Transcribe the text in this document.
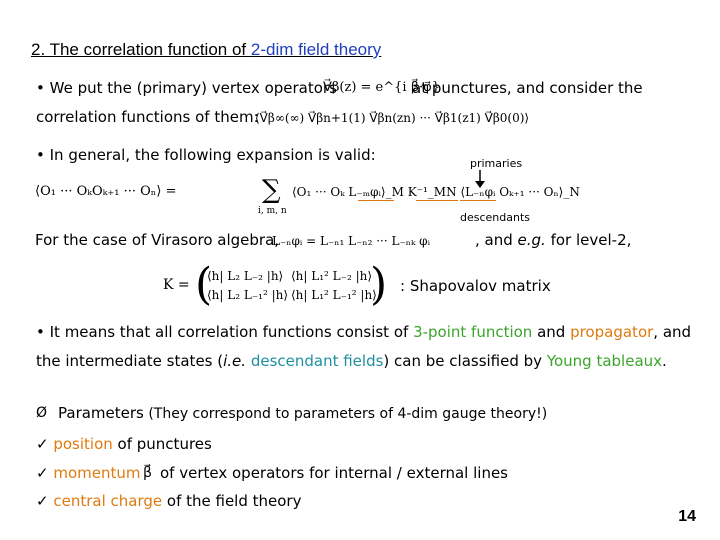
2. The correlation function of 2-dim field theory
• We put the (primary) vertex operators
V⃗β(z) = e^{i β⃗·φ⃗}
at punctures, and consider the
correlation functions of them:
⟨V⃗β∞(∞) V⃗βn+1(1) V⃗βn(zn) ··· V⃗β1(z1) V⃗β0(0)⟩
• In general, the following expansion is valid:	primaries
⟨O₁ ··· OₖOₖ₊₁ ··· Oₙ⟩ =	∑
i, m, n
⟨O₁ ··· Oₖ L₋ₘφᵢ⟩_M K⁻¹_MN ⟨L₋ₙφᵢ Oₖ₊₁ ··· Oₙ⟩_N
descendants
For the case of Virasoro algebra,
L₋ₙφᵢ = L₋ₙ₁ L₋ₙ₂ ··· L₋ₙₖ φᵢ	, and e.g. for level-2,
K = (
⟨h| L₂ L₋₂ |h⟩ ⟨h| L₁² L₋₂ |h⟩
⟨h| L₂ L₋₁² |h⟩ ⟨h| L₁² L₋₁² |h⟩
) : Shapovalov matrix
• It means that all correlation functions consist of 3-point function and propagator, and
the intermediate states (i.e. descendant fields) can be classified by Young tableaux.
Ø Parameters (They correspond to parameters of 4-dim gauge theory!)
✓ position of punctures
✓ momentum β⃗ of vertex operators for internal / external lines
✓ central charge of the field theory
14
